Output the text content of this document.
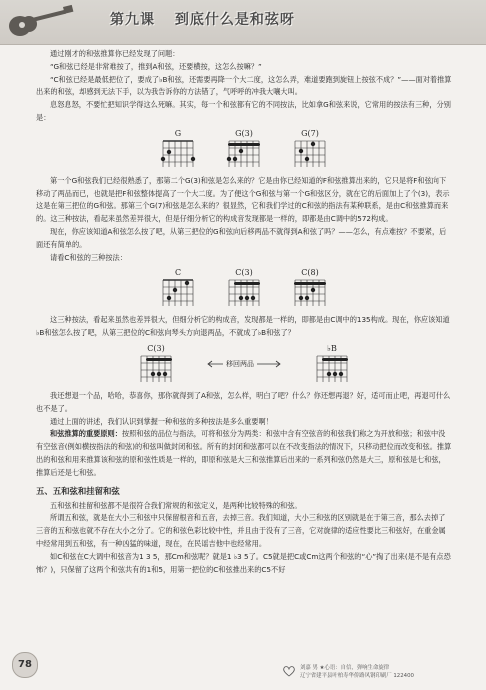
第九课 到底什么是和弦呀

通过刚才的和弦推算你已经发现了问题：

“G和弦已经是非常难按了，推到A和弦，还要横按，这怎么按嘛？”

“C和弦已经是最低把位了，要成了♭B和弦，还需要再降一个大二度，这怎么弄，难道要跑到旋钮上按弦不成？”——面对着推算出来的和弦，却感到无法下手，以为我告诉你的方法错了，气呼呼的冲我大嚷大叫。

息怒息怒，不要忙把知识学得这么死嘛。其实，每一个和弦都有它的不同按法，比如拿G和弦来说，它常用的按法有三种，分别是：

G	G(3)	G(7)

第一个G和弦我们已经很熟悉了，那第二个G(3)和弦是怎么来的？它是由你已经知道的F和弦推算出来的，它只是将F和弦向下移动了两品而已，也就是把F和弦整体提高了一个大二度。为了便这个G和弦与第一个G和弦区分，就在它的后面加上了个(3)，表示这是在第三把位的G和弦。那第三个G(7)和弦是怎么来的？很显然，它和我们学过的C和弦的指法有某种联系，是由C和弦推算而来的。这三种按法，看起来虽然差异很大，但是仔细分析它的构成音发现都是一样的，即都是由C调中的572构成。

现在，你应该知道A和弦怎么按了吧，从第三把位的G和弦向后移两品不就得到A和弦了吗？——怎么，有点难按？不要紧，后面还有简单的。

请看C和弦的三种按法：

C	C(3)	C(8)

这三种按法，看起来虽然也差异很大，但细分析它的构成音，发现都是一样的，即都是由C调中的135构成。现在，你应该知道♭B和弦怎么按了吧，从第三把位的C和弦向琴头方向退两品，不就成了♭B和弦了？

C(3)
移回两品
♭B

我还想退一个品，哈哈，恭喜你，那你就得到了A和弦，怎么样，明白了吧？什么？你还想再退？好，适可而止吧，再退可什么也不是了。

通过上面的讲述，我们认识到掌握一种和弦的多种按法是多么重要啊！

和弦推算的重要原则：按照和弦的品位与指法，可将和弦分为两类：和弦中含有空弦音的和弦我们称之为开放和弦；和弦中没有空弦音(例如横按指法的和弦)的和弦叫做封闭和弦。所有的封闭和弦都可以在不改变指法的情况下，只移动把位而改变和弦。推算出的和弦和用来推算该和弦的原和弦性质是一样的，即原和弦是大三和弦推算后出来的一系列和弦仍然是大三，原和弦是七和弦，推算后还是七和弦。

五、五和弦和挂留和弦

五和弦和挂留和弦都不是很符合我们常规的和弦定义，是两种比较特殊的和弦。

所谓五和弦，就是在大小三和弦中只保留根音和五音，去掉三音。我们知道，大小三和弦的区别就是在于第三音，那么去掉了三音的五和弦也就不存在大小之分了。它的和弦色彩比较中性，并且由于没有了三音，它对旋律的适应性要比三和弦好，在重金属中经常用到五和弦，有一种凶猛的味道，现在，在民谣吉他中也经常用。

如C和弦在C大调中和弦音为1 3 5，那Cm和弦呢？就是1 ♭3 5了。C5就是把C或Cm这两个和弦的“心”掏了出来(是不是有点恐怖？)，只保留了这两个和弦共有的1和5，用第一把位的C和弦推出来的C5不好

78	刘嘉 男 ★心语：自信，弹响生命旋律
辽宁省建平县叶柏寿华侨路风钢印刷厂 122400
